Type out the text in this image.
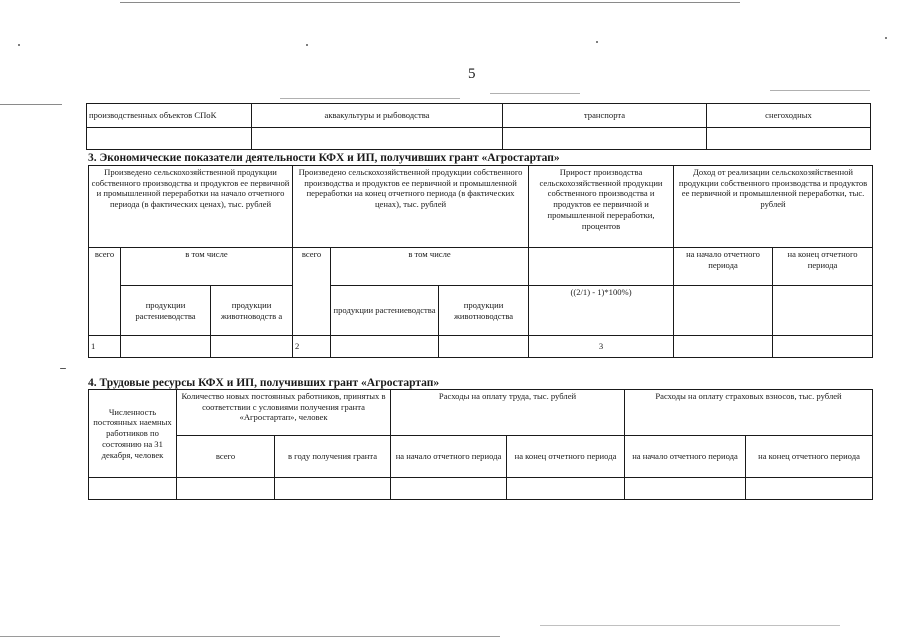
5
производственных объектов СПоК	аквакультуры и рыбоводства	транспорта	снегоходных

3. Экономические показатели деятельности КФХ и ИП, получивших грант «Агростартап»
Произведено сельскохозяйственной продукции собственного производства и продуктов ее первичной и промышленной переработки на начало отчетного периода (в фактических ценах), тыс. рублей			Произведено сельскохозяйственной продукции собственного производства и продуктов ее первичной и промышленной переработки на конец отчетного периода (в фактических ценах), тыс. рублей			Прирост производства сельскохозяйственной продукции собственного производства и продуктов ее первичной и промышленной переработки, процентов	Доход от реализации сельскохозяйственной продукции собственного производства и продуктов ее первичной и промышленной переработки, тыс. рублей	
всего	в том числе		всего	в том числе			на начало отчетного периода	на конец отчетного периода
	продукции растениеводства	продукции животноводств а		продукции растениеводства	продукции животноводства	((2/1) - 1)*100%)		
1			2			3		
4. Трудовые ресурсы КФХ и ИП, получивших грант «Агростартап»
Численность постоянных наемных работников по состоянию на 31 декабря, человек	Количество новых постоянных работников, принятых в соответствии с условиями получения гранта «Агростартап», человек		Расходы на оплату труда, тыс. рублей		Расходы на оплату страховых взносов, тыс. рублей	
	всего	в году получения гранта	на начало отчетного периода	на конец отчетного периода	на начало отчетного периода	на конец отчетного периода
